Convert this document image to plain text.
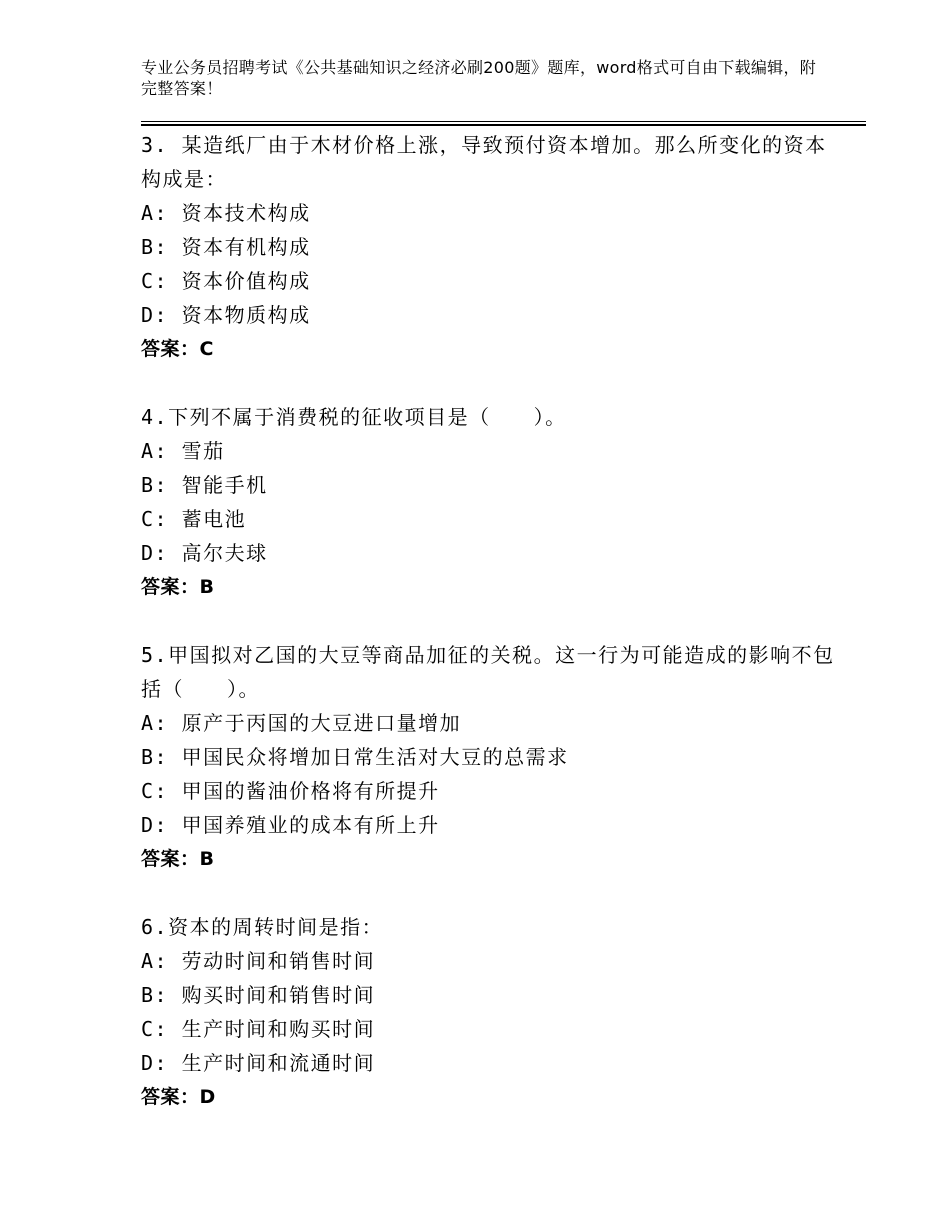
专业公务员招聘考试《公共基础知识之经济必刷200题》题库，word格式可自由下载编辑，附完整答案！
3. 某造纸厂由于木材价格上涨，导致预付资本增加。那么所变化的资本构成是：
A: 资本技术构成
B: 资本有机构成
C: 资本价值构成
D: 资本物质构成
答案：C
4.下列不属于消费税的征收项目是（　　）。
A: 雪茄
B: 智能手机
C: 蓄电池
D: 高尔夫球
答案：B
5.甲国拟对乙国的大豆等商品加征的关税。这一行为可能造成的影响不包括（　　）。
A: 原产于丙国的大豆进口量增加
B: 甲国民众将增加日常生活对大豆的总需求
C: 甲国的酱油价格将有所提升
D: 甲国养殖业的成本有所上升
答案：B
6.资本的周转时间是指：
A: 劳动时间和销售时间
B: 购买时间和销售时间
C: 生产时间和购买时间
D: 生产时间和流通时间
答案：D
